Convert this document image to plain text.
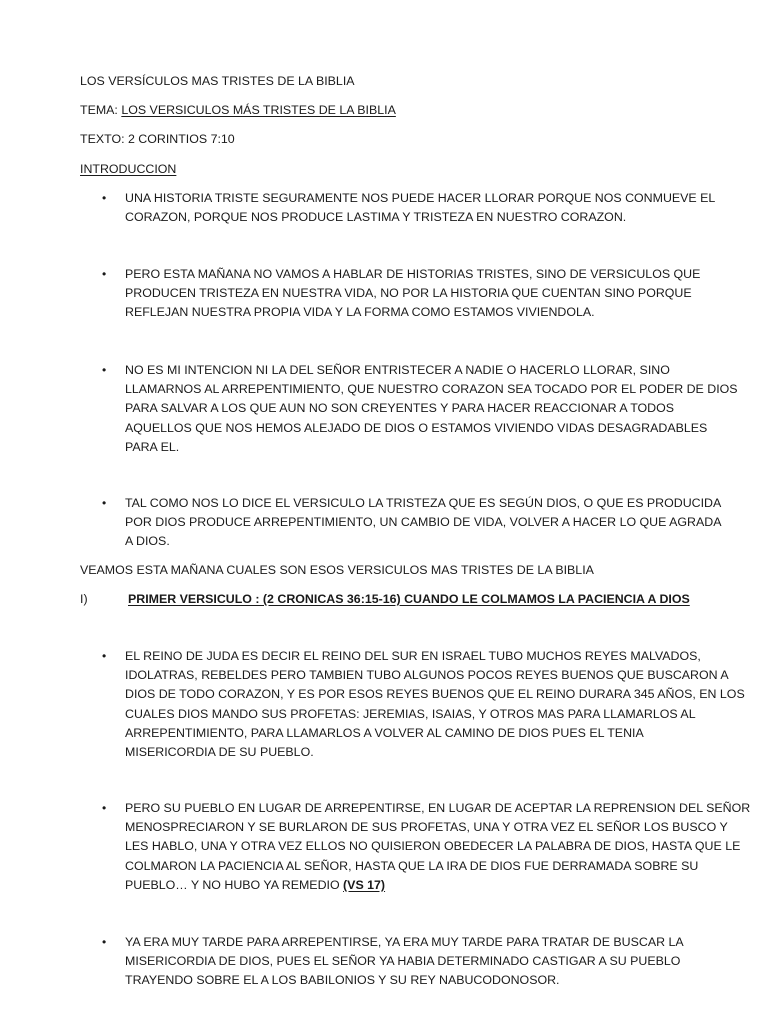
LOS VERSÍCULOS MAS TRISTES DE LA BIBLIA
TEMA: LOS VERSICULOS MÁS TRISTES DE LA BIBLIA
TEXTO: 2 CORINTIOS 7:10
INTRODUCCION
• UNA HISTORIA TRISTE SEGURAMENTE NOS PUEDE HACER LLORAR PORQUE NOS CONMUEVE EL

CORAZON, PORQUE NOS PRODUCE LASTIMA Y TRISTEZA EN NUESTRO CORAZON.

• PERO ESTA MAÑANA NO VAMOS A HABLAR DE HISTORIAS TRISTES, SINO DE VERSICULOS QUE

PRODUCEN TRISTEZA EN NUESTRA VIDA, NO POR LA HISTORIA QUE CUENTAN SINO PORQUE

REFLEJAN NUESTRA PROPIA VIDA Y LA FORMA COMO ESTAMOS VIVIENDOLA.

• NO ES MI INTENCION NI LA DEL SEÑOR ENTRISTECER A NADIE O HACERLO LLORAR, SINO

LLAMARNOS AL ARREPENTIMIENTO, QUE NUESTRO CORAZON SEA TOCADO POR EL PODER DE DIOS

PARA SALVAR A LOS QUE AUN NO SON CREYENTES Y PARA HACER REACCIONAR A TODOS

AQUELLOS QUE NOS HEMOS ALEJADO DE DIOS O ESTAMOS VIVIENDO VIDAS DESAGRADABLES

PARA EL.

• TAL COMO NOS LO DICE EL VERSICULO LA TRISTEZA QUE ES SEGÚN DIOS, O QUE ES PRODUCIDA

POR DIOS PRODUCE ARREPENTIMIENTO, UN CAMBIO DE VIDA, VOLVER A HACER LO QUE AGRADA

A DIOS.

VEAMOS ESTA MAÑANA CUALES SON ESOS VERSICULOS MAS TRISTES DE LA BIBLIA
I)	PRIMER VERSICULO : (2 CRONICAS 36:15-16) CUANDO LE COLMAMOS LA PACIENCIA A DIOS
• EL REINO DE JUDA ES DECIR EL REINO DEL SUR EN ISRAEL TUBO MUCHOS REYES MALVADOS,

IDOLATRAS, REBELDES PERO TAMBIEN TUBO ALGUNOS POCOS REYES BUENOS QUE BUSCARON A

DIOS DE TODO CORAZON, Y ES POR ESOS REYES BUENOS QUE EL REINO DURARA 345 AÑOS, EN LOS

CUALES DIOS MANDO SUS PROFETAS: JEREMIAS, ISAIAS, Y OTROS MAS PARA LLAMARLOS AL

ARREPENTIMIENTO, PARA LLAMARLOS A VOLVER AL CAMINO DE DIOS PUES EL TENIA

MISERICORDIA DE SU PUEBLO.

• PERO SU PUEBLO EN LUGAR DE ARREPENTIRSE, EN LUGAR DE ACEPTAR LA REPRENSION DEL SEÑOR

MENOSPRECIARON Y SE BURLARON DE SUS PROFETAS, UNA Y OTRA VEZ EL SEÑOR LOS BUSCO Y

LES HABLO, UNA Y OTRA VEZ ELLOS NO QUISIERON OBEDECER LA PALABRA DE DIOS, HASTA QUE LE

COLMARON LA PACIENCIA AL SEÑOR, HASTA QUE LA IRA DE DIOS FUE DERRAMADA SOBRE SU

PUEBLO… Y NO HUBO YA REMEDIO (VS 17)

• YA ERA MUY TARDE PARA ARREPENTIRSE, YA ERA MUY TARDE PARA TRATAR DE BUSCAR LA

MISERICORDIA DE DIOS, PUES EL SEÑOR YA HABIA DETERMINADO CASTIGAR A SU PUEBLO

TRAYENDO SOBRE EL A LOS BABILONIOS Y SU REY NABUCODONOSOR.
